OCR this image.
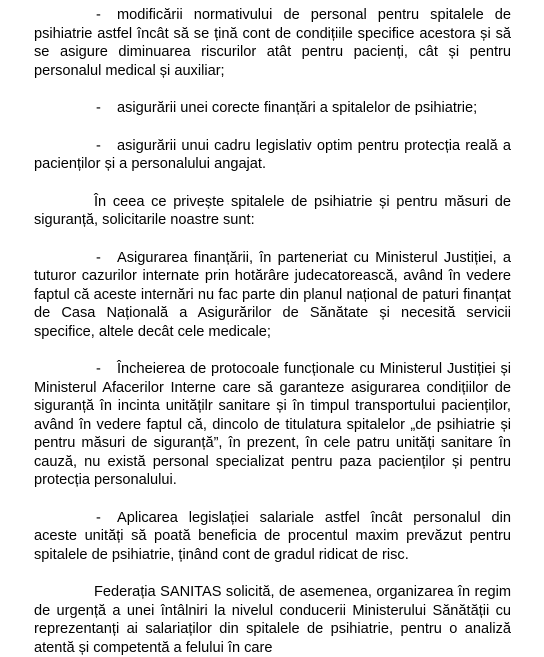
- modificării normativului de personal pentru spitalele de psihiatrie astfel încât să se țină cont de condițiile specifice acestora și să se asigure diminuarea riscurilor atât pentru pacienți, cât și pentru personalul medical și auxiliar;

- asigurării unei corecte finanțări a spitalelor de psihiatrie;

- asigurării unui cadru legislativ optim pentru protecția reală a pacienților și a personalului angajat.

În ceea ce privește spitalele de psihiatrie și pentru măsuri de siguranță, solicitarile noastre sunt:

- Asigurarea finanțării, în parteneriat cu Ministerul Justiției, a tuturor cazurilor internate prin hotărâre judecatorească, având în vedere faptul că aceste internări nu fac parte din planul național de paturi finanțat de Casa Națională a Asigurărilor de Sănătate și necesită servicii specifice, altele decât cele medicale;

- Încheierea de protocoale funcționale cu Ministerul Justiției și Ministerul Afacerilor Interne care să garanteze asigurarea condițiilor de siguranță în incinta unitățilr sanitare și în timpul transportului pacienților, având în vedere faptul că, dincolo de titulatura spitalelor „de psihiatrie și pentru măsuri de siguranță”, în prezent, în cele patru unități sanitare în cauză, nu există personal specializat pentru paza pacienților și pentru protecția personalului.

- Aplicarea legislației salariale astfel încât personalul din aceste unități să poată beneficia de procentul maxim prevăzut pentru spitalele de psihiatrie, ținând cont de gradul ridicat de risc.

Federația SANITAS solicită, de asemenea, organizarea în regim de urgență a unei întâlniri la nivelul conducerii Ministerului Sănătății cu reprezentanți ai salariaților din spitalele de psihiatrie, pentru o analiză atentă și competentă a felului în care
